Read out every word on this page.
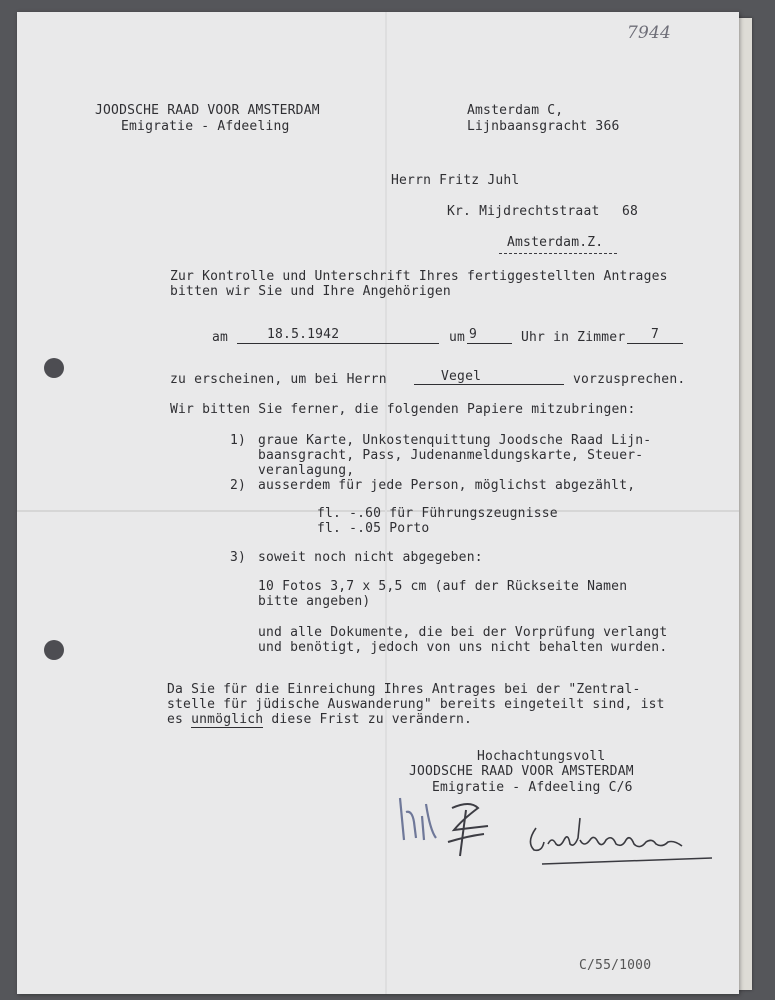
7944
JOODSCHE RAAD VOOR AMSTERDAM
Emigratie - Afdeeling
Amsterdam C,
Lijnbaansgracht 366
Herrn Fritz Juhl
Kr. Mijdrechtstraat 68
Amsterdam.Z.
Zur Kontrolle und Unterschrift Ihres fertiggestellten Antrages
bitten wir Sie und Ihre Angehörigen
am	18.5.1942	um 9	Uhr in Zimmer 7
zu erscheinen, um bei Herrn	Vegel	vorzusprechen.
Wir bitten Sie ferner, die folgenden Papiere mitzubringen:
1) graue Karte, Unkostenquittung Joodsche Raad Lijn-
baansgracht, Pass, Judenanmeldungskarte, Steuer-
veranlagung,
2) ausserdem für jede Person, möglichst abgezählt,
fl. -.60 für Führungszeugnisse
fl. -.05 Porto
3) soweit noch nicht abgegeben:
10 Fotos 3,7 x 5,5 cm (auf der Rückseite Namen
bitte angeben)
und alle Dokumente, die bei der Vorprüfung verlangt
und benötigt, jedoch von uns nicht behalten wurden.
Da Sie für die Einreichung Ihres Antrages bei der "Zentral-
stelle für jüdische Auswanderung" bereits eingeteilt sind, ist
es unmöglich diese Frist zu verändern.
Hochachtungsvoll
JOODSCHE RAAD VOOR AMSTERDAM
Emigratie - Afdeeling C/6
C/55/1000
